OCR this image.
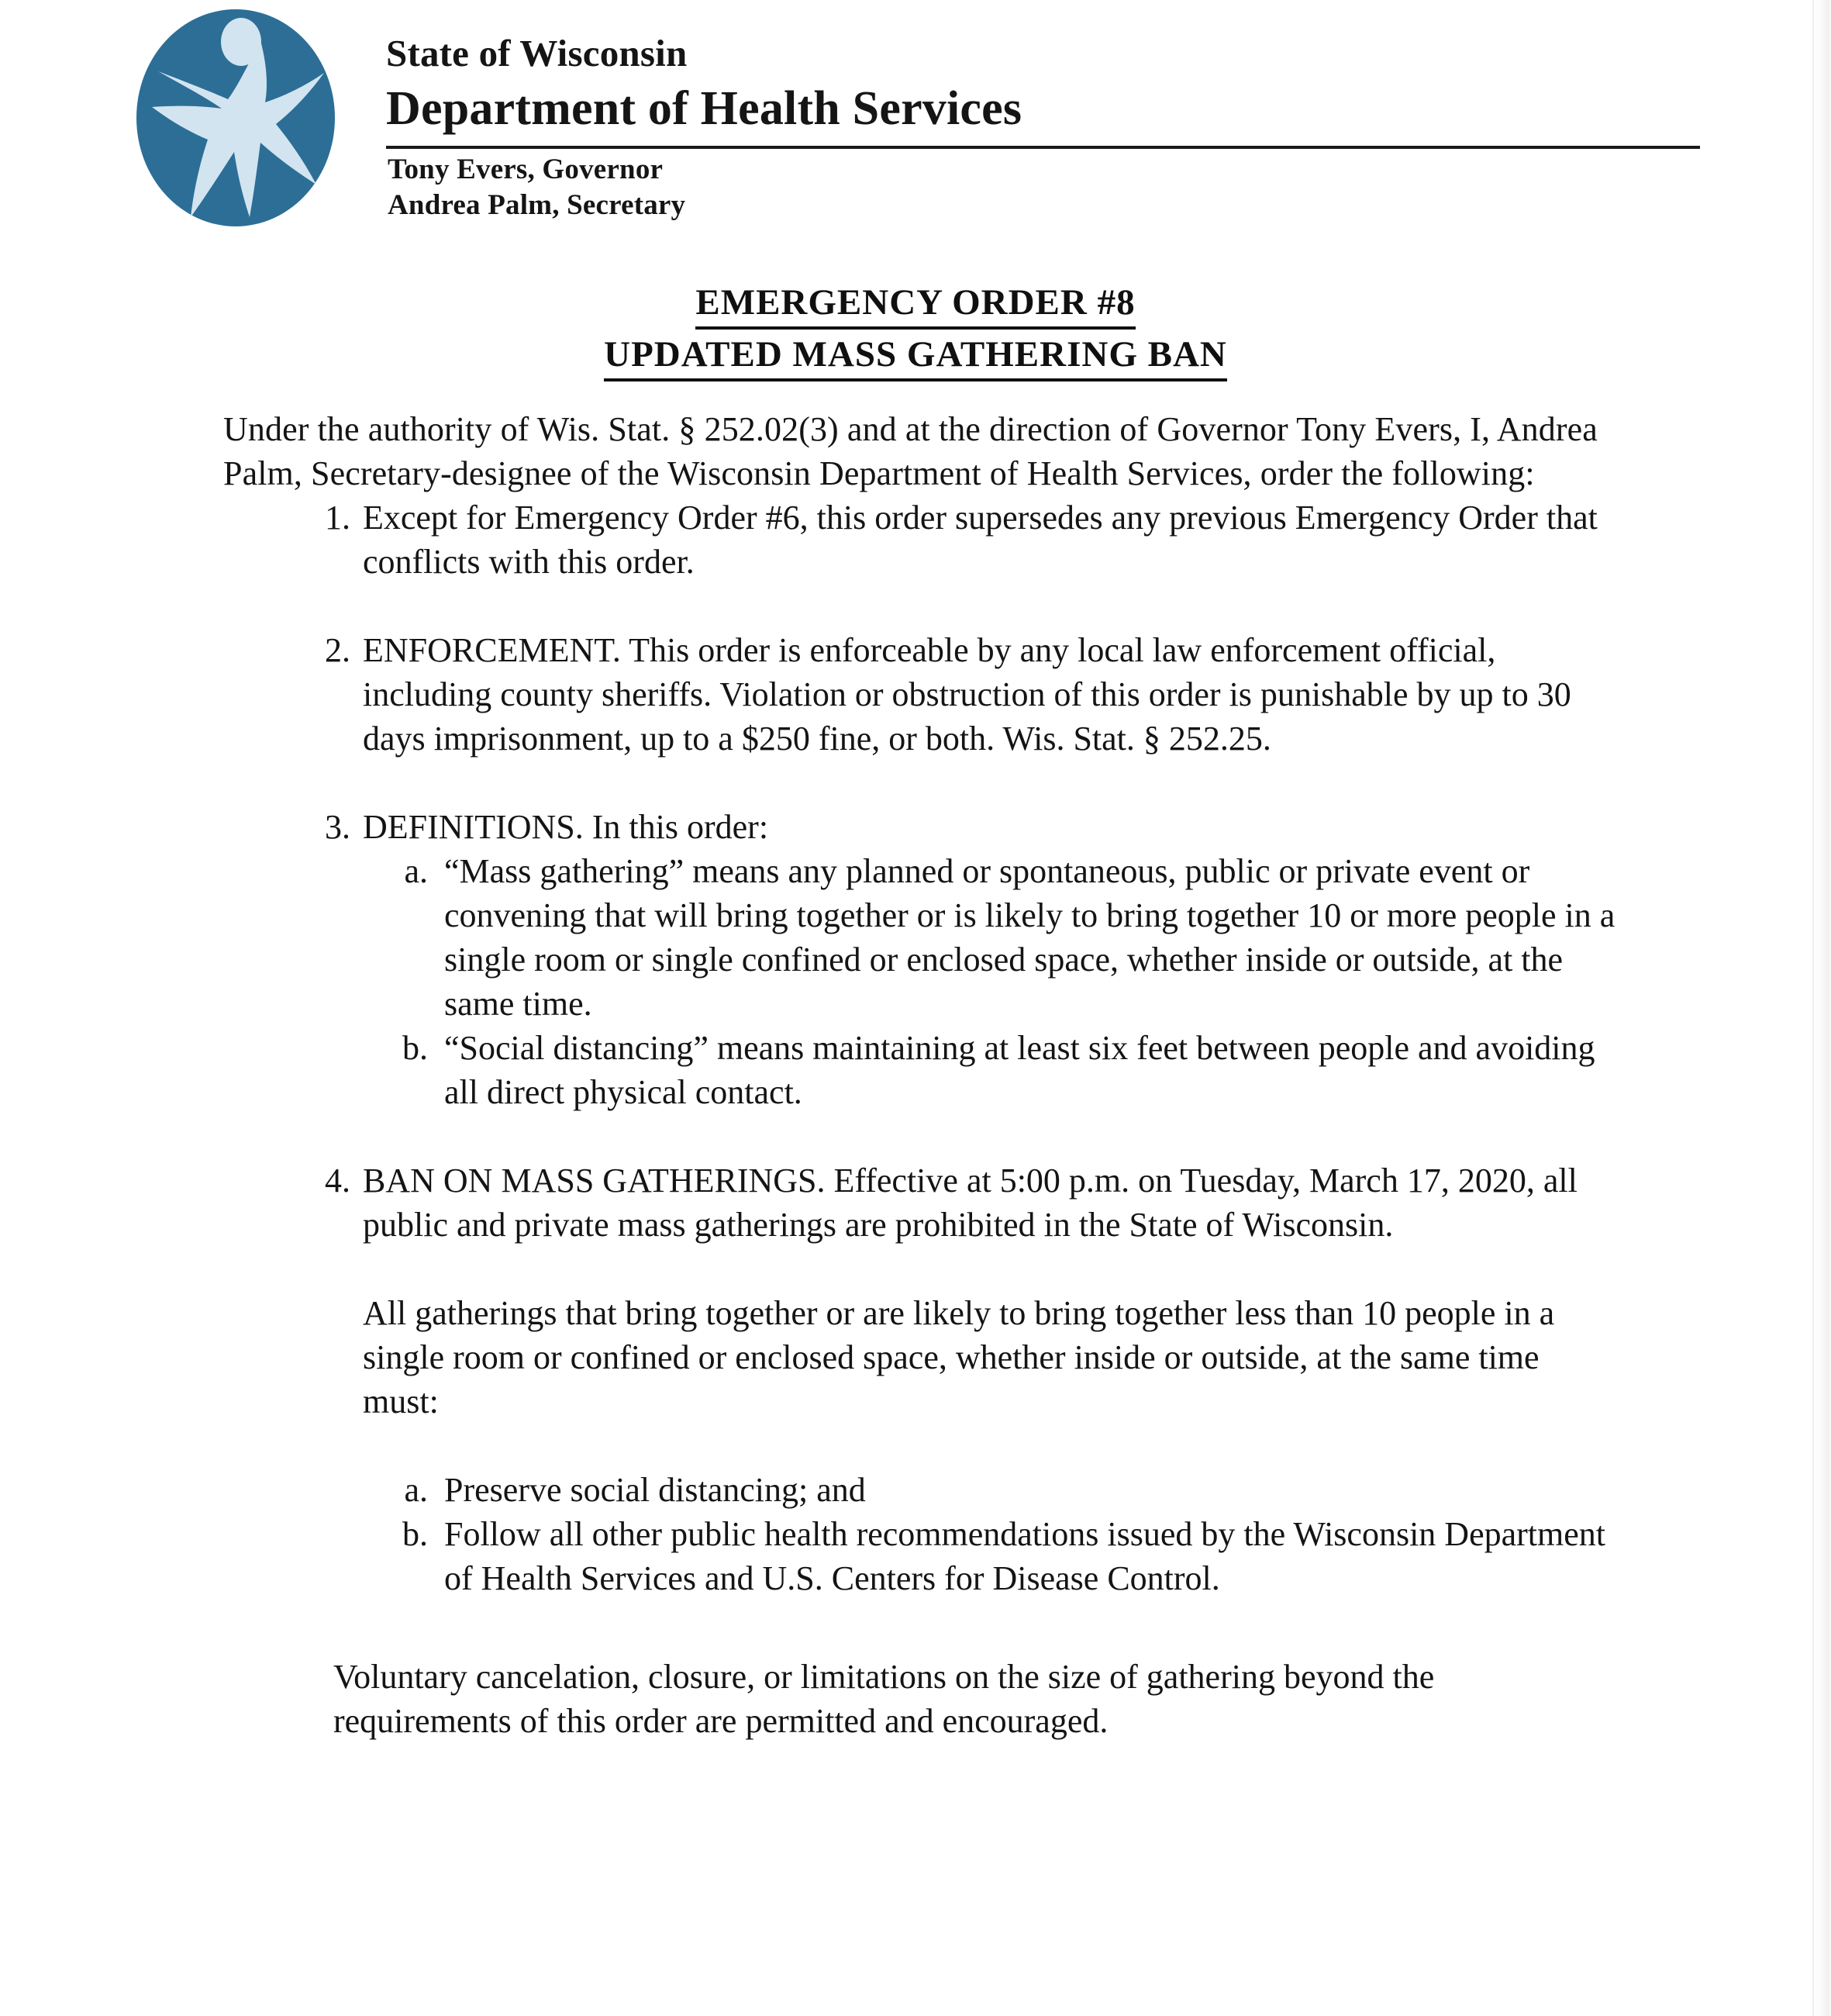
State of Wisconsin
Department of Health Services
Tony Evers, Governor
Andrea Palm, Secretary
EMERGENCY ORDER #8
UPDATED MASS GATHERING BAN

Under the authority of Wis. Stat. § 252.02(3) and at the direction of Governor Tony Evers, I, Andrea Palm, Secretary-designee of the Wisconsin Department of Health Services, order the following:

1. Except for Emergency Order #6, this order supersedes any previous Emergency Order that conflicts with this order.
2. ENFORCEMENT. This order is enforceable by any local law enforcement official, including county sheriffs. Violation or obstruction of this order is punishable by up to 30 days imprisonment, up to a $250 fine, or both. Wis. Stat. § 252.25.
3. DEFINITIONS. In this order:
a. “Mass gathering” means any planned or spontaneous, public or private event or convening that will bring together or is likely to bring together 10 or more people in a single room or single confined or enclosed space, whether inside or outside, at the same time.
b. “Social distancing” means maintaining at least six feet between people and avoiding all direct physical contact.
4. BAN ON MASS GATHERINGS. Effective at 5:00 p.m. on Tuesday, March 17, 2020, all public and private mass gatherings are prohibited in the State of Wisconsin.

All gatherings that bring together or are likely to bring together less than 10 people in a single room or confined or enclosed space, whether inside or outside, at the same time must:

a. Preserve social distancing; and
b. Follow all other public health recommendations issued by the Wisconsin Department of Health Services and U.S. Centers for Disease Control.

Voluntary cancelation, closure, or limitations on the size of gathering beyond the requirements of this order are permitted and encouraged.
